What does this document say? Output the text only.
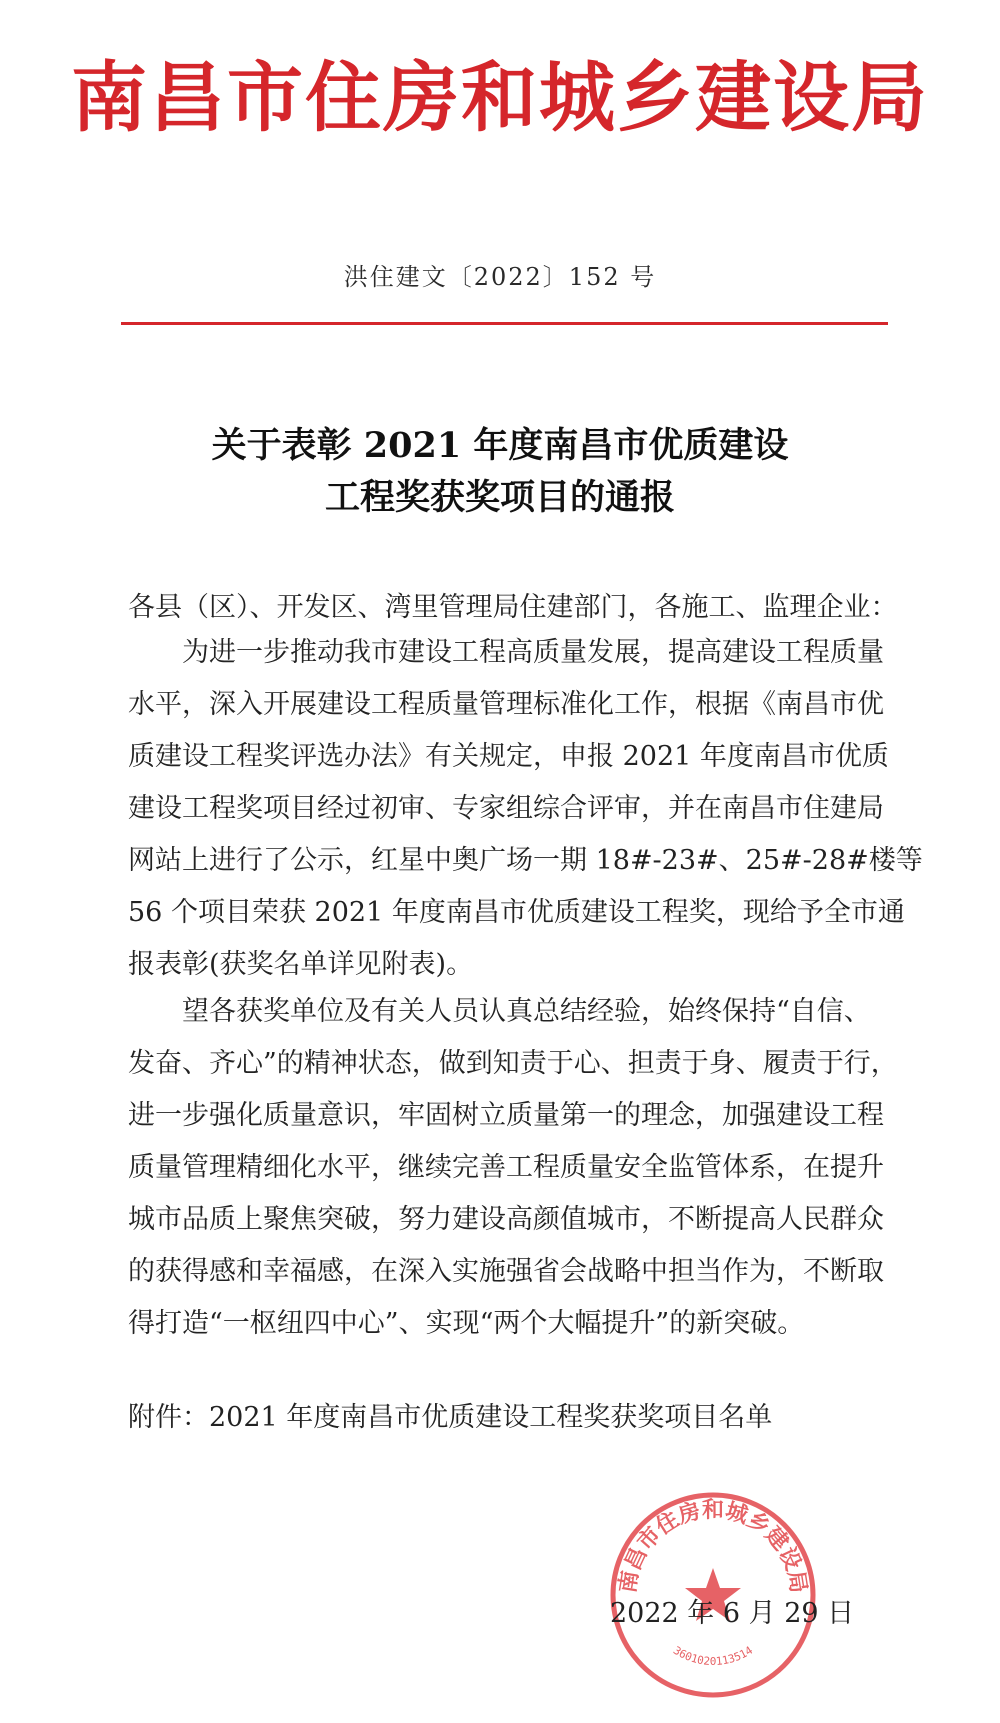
南昌市住房和城乡建设局
洪住建文〔2022〕152 号
关于表彰 2021 年度南昌市优质建设
工程奖获奖项目的通报
各县（区）、开发区、湾里管理局住建部门，各施工、监理企业：
　　为进一步推动我市建设工程高质量发展，提高建设工程质量
水平，深入开展建设工程质量管理标准化工作，根据《南昌市优
质建设工程奖评选办法》有关规定，申报 2021 年度南昌市优质
建设工程奖项目经过初审、专家组综合评审，并在南昌市住建局
网站上进行了公示，红星中奥广场一期 18#-23#、25#-28#楼等
56 个项目荣获 2021 年度南昌市优质建设工程奖，现给予全市通
报表彰(获奖名单详见附表)。
　　望各获奖单位及有关人员认真总结经验，始终保持“自信、
发奋、齐心”的精神状态，做到知责于心、担责于身、履责于行，
进一步强化质量意识，牢固树立质量第一的理念，加强建设工程
质量管理精细化水平，继续完善工程质量安全监管体系，在提升
城市品质上聚焦突破，努力建设高颜值城市，不断提高人民群众
的获得感和幸福感，在深入实施强省会战略中担当作为，不断取
得打造“一枢纽四中心”、实现“两个大幅提升”的新突破。
附件：2021 年度南昌市优质建设工程奖获奖项目名单
南昌市住房和城乡建设局
3601020113514
2022 年 6 月 29 日
